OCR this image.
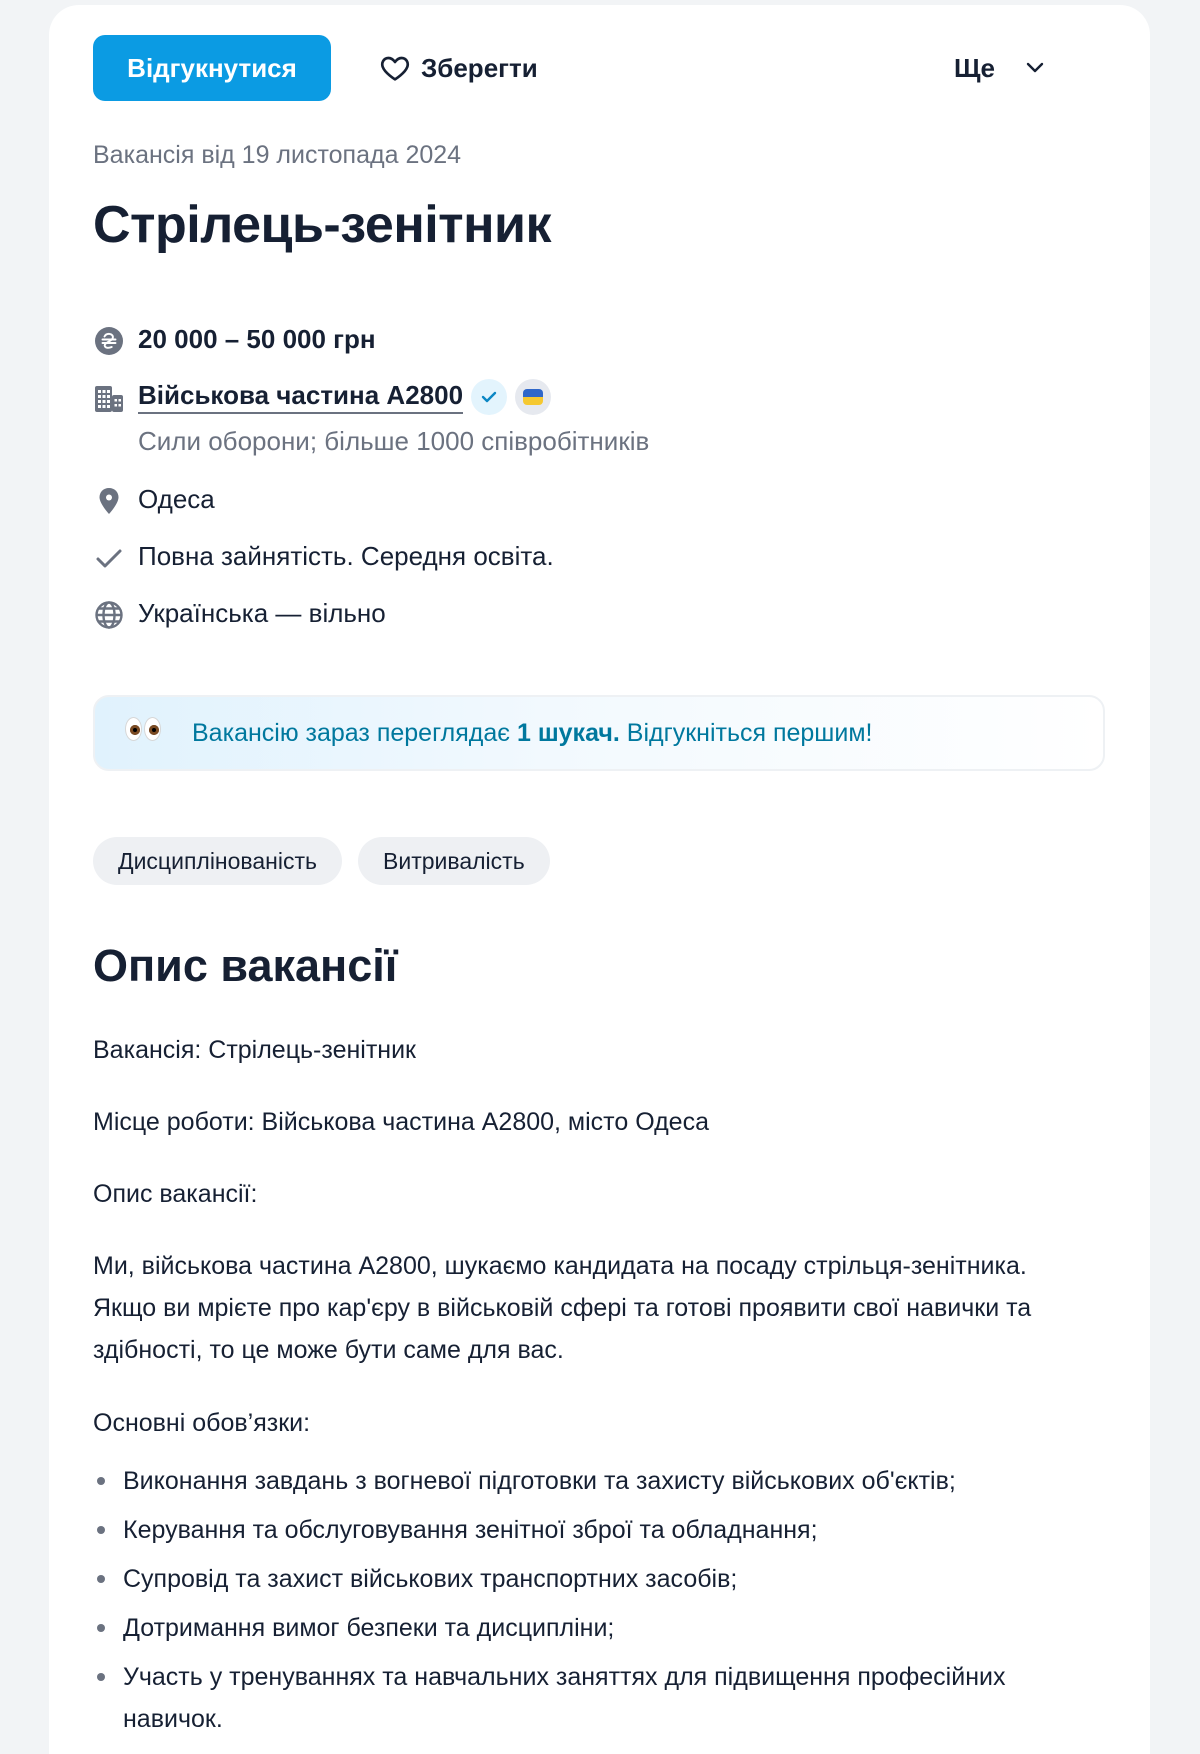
Відгукнутися	Зберегти	Ще
Вакансія від 19 листопада 2024
Стрілець-зенітник
20 000 – 50 000 грн
Військова частина А2800
Сили оборони; більше 1000 співробітників
Одеса
Повна зайнятість. Середня освіта.
Українська — вільно
Вакансію зараз переглядає 1 шукач. Відгукніться першим!
Дисциплінованість	Витривалість
Опис вакансії

Вакансія: Стрілець-зенітник

Місце роботи: Військова частина А2800, місто Одеса

Опис вакансії:

Ми, військова частина А2800, шукаємо кандидата на посаду стрільця-зенітника. Якщо ви мрієте про кар'єру в військовій сфері та готові проявити свої навички та здібності, то це може бути саме для вас.

Основні обов’язки:

Виконання завдань з вогневої підготовки та захисту військових об'єктів;
Керування та обслуговування зенітної зброї та обладнання;
Супровід та захист військових транспортних засобів;
Дотримання вимог безпеки та дисципліни;
Участь у тренуваннях та навчальних заняттях для підвищення професійних навичок.
